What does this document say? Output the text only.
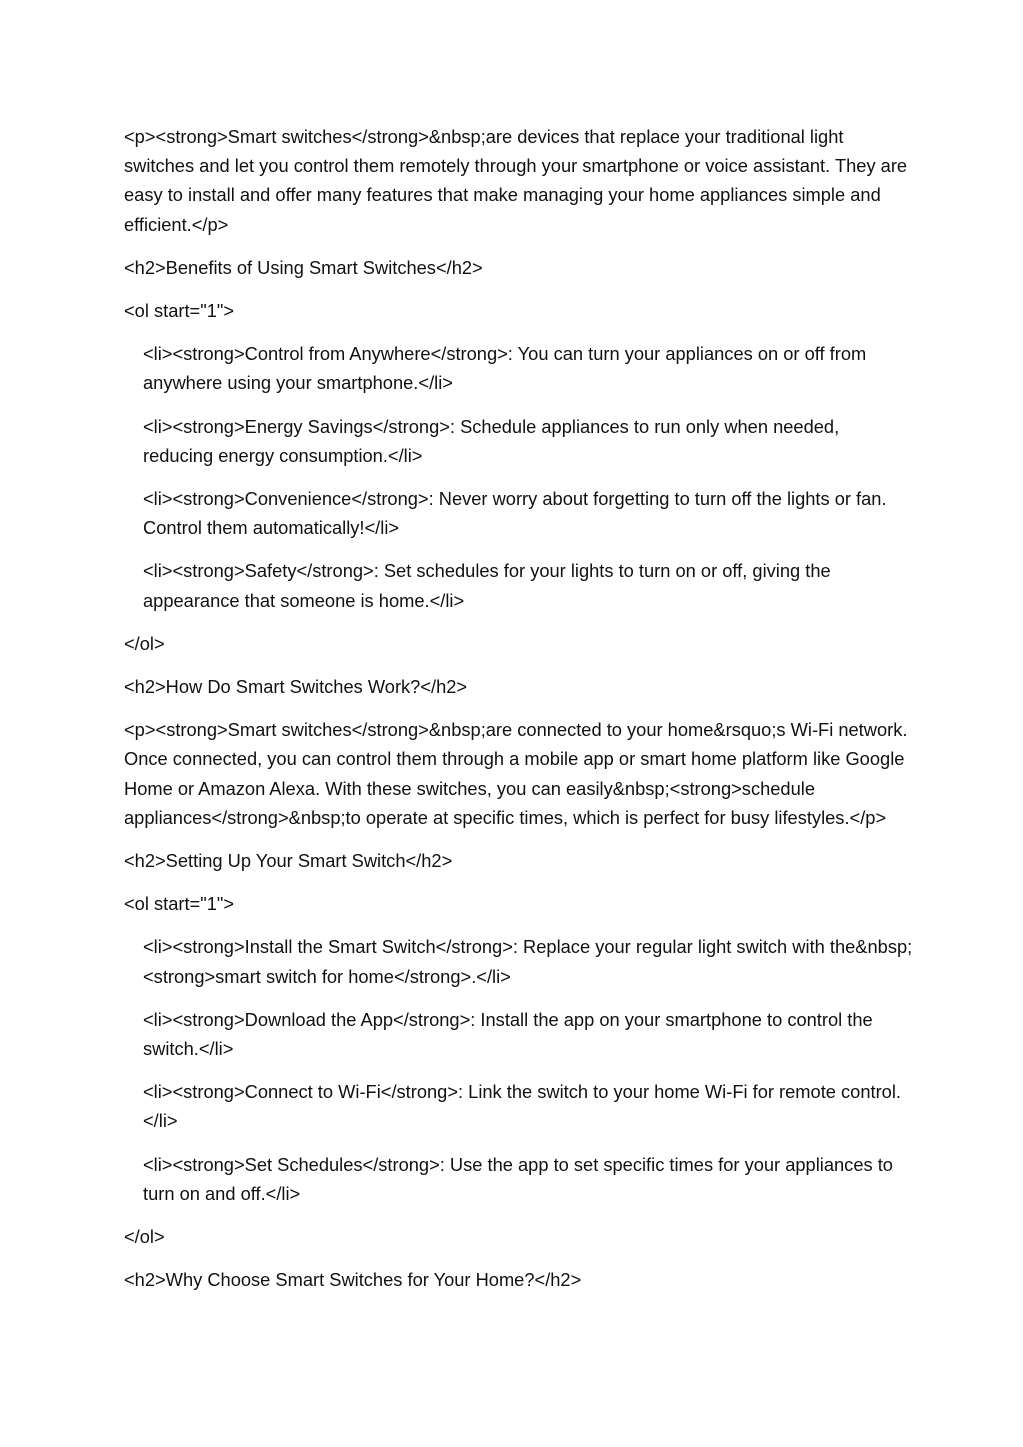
<p><strong>Smart switches</strong>&nbsp;are devices that replace your traditional light switches and let you control them remotely through your smartphone or voice assistant. They are easy to install and offer many features that make managing your home appliances simple and efficient.</p>
<h2>Benefits of Using Smart Switches</h2>
<ol start="1">
<li><strong>Control from Anywhere</strong>: You can turn your appliances on or off from anywhere using your smartphone.</li>
<li><strong>Energy Savings</strong>: Schedule appliances to run only when needed, reducing energy consumption.</li>
<li><strong>Convenience</strong>: Never worry about forgetting to turn off the lights or fan. Control them automatically!</li>
<li><strong>Safety</strong>: Set schedules for your lights to turn on or off, giving the appearance that someone is home.</li>
</ol>
<h2>How Do Smart Switches Work?</h2>
<p><strong>Smart switches</strong>&nbsp;are connected to your home&rsquo;s Wi-Fi network. Once connected, you can control them through a mobile app or smart home platform like Google Home or Amazon Alexa. With these switches, you can easily&nbsp;<strong>schedule appliances</strong>&nbsp;to operate at specific times, which is perfect for busy lifestyles.</p>
<h2>Setting Up Your Smart Switch</h2>
<ol start="1">
<li><strong>Install the Smart Switch</strong>: Replace your regular light switch with the&nbsp;<strong>smart switch for home</strong>.</li>
<li><strong>Download the App</strong>: Install the app on your smartphone to control the switch.</li>
<li><strong>Connect to Wi-Fi</strong>: Link the switch to your home Wi-Fi for remote control.</li>
<li><strong>Set Schedules</strong>: Use the app to set specific times for your appliances to turn on and off.</li>
</ol>
<h2>Why Choose Smart Switches for Your Home?</h2>
